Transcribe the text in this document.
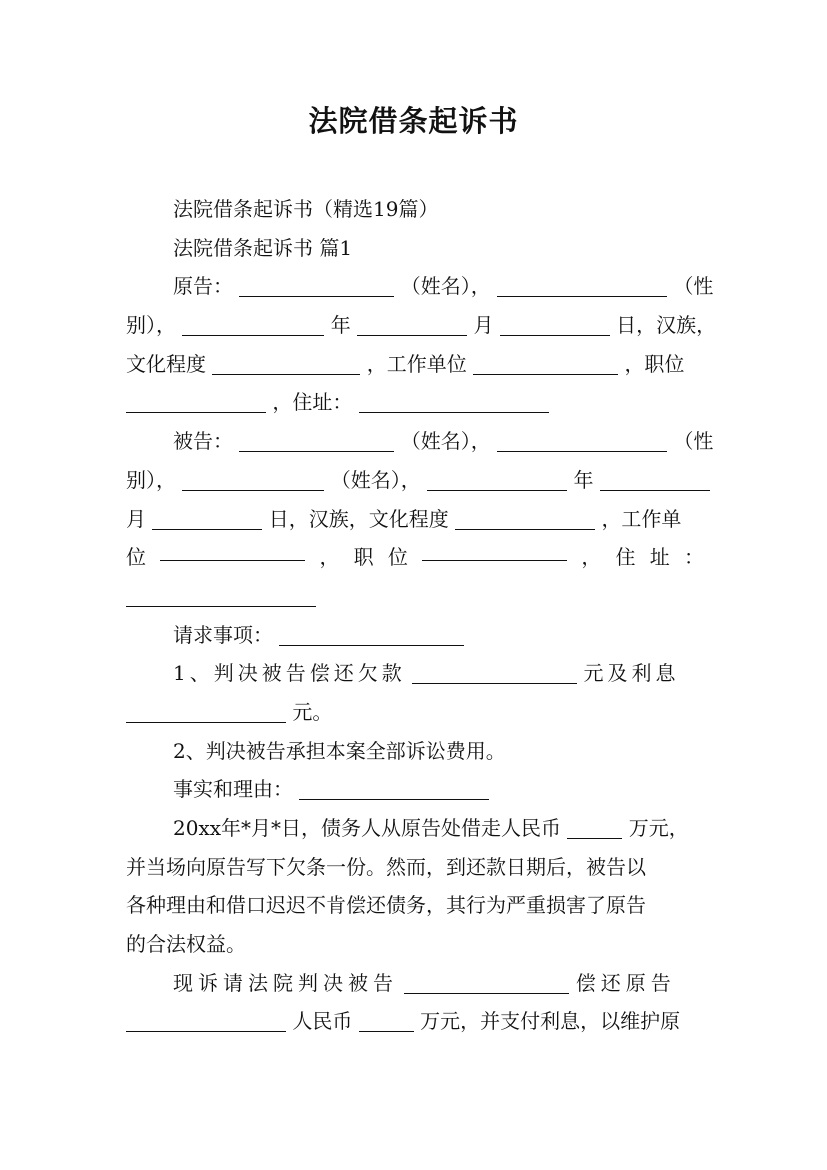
法院借条起诉书
法院借条起诉书（精选19篇）
法院借条起诉书 篇1
原告：	（姓名），	（性
别），	年	月	日，汉族，
文化程度	，工作单位	，职位
，住址：
被告：	（姓名），	（性
别），	（姓名），	年
月	日，汉族，文化程度	，工作单
位	， 职 位	， 住 址 ：
请求事项：
1、判决被告偿还欠款	元及利息
元。
2、判决被告承担本案全部诉讼费用。
事实和理由：
20xx年*月*日，债务人从原告处借走人民币	万元，
并当场向原告写下欠条一份。然而，到还款日期后，被告以
各种理由和借口迟迟不肯偿还债务，其行为严重损害了原告
的合法权益。
现诉请法院判决被告	偿还原告
人民币	万元，并支付利息，以维护原
